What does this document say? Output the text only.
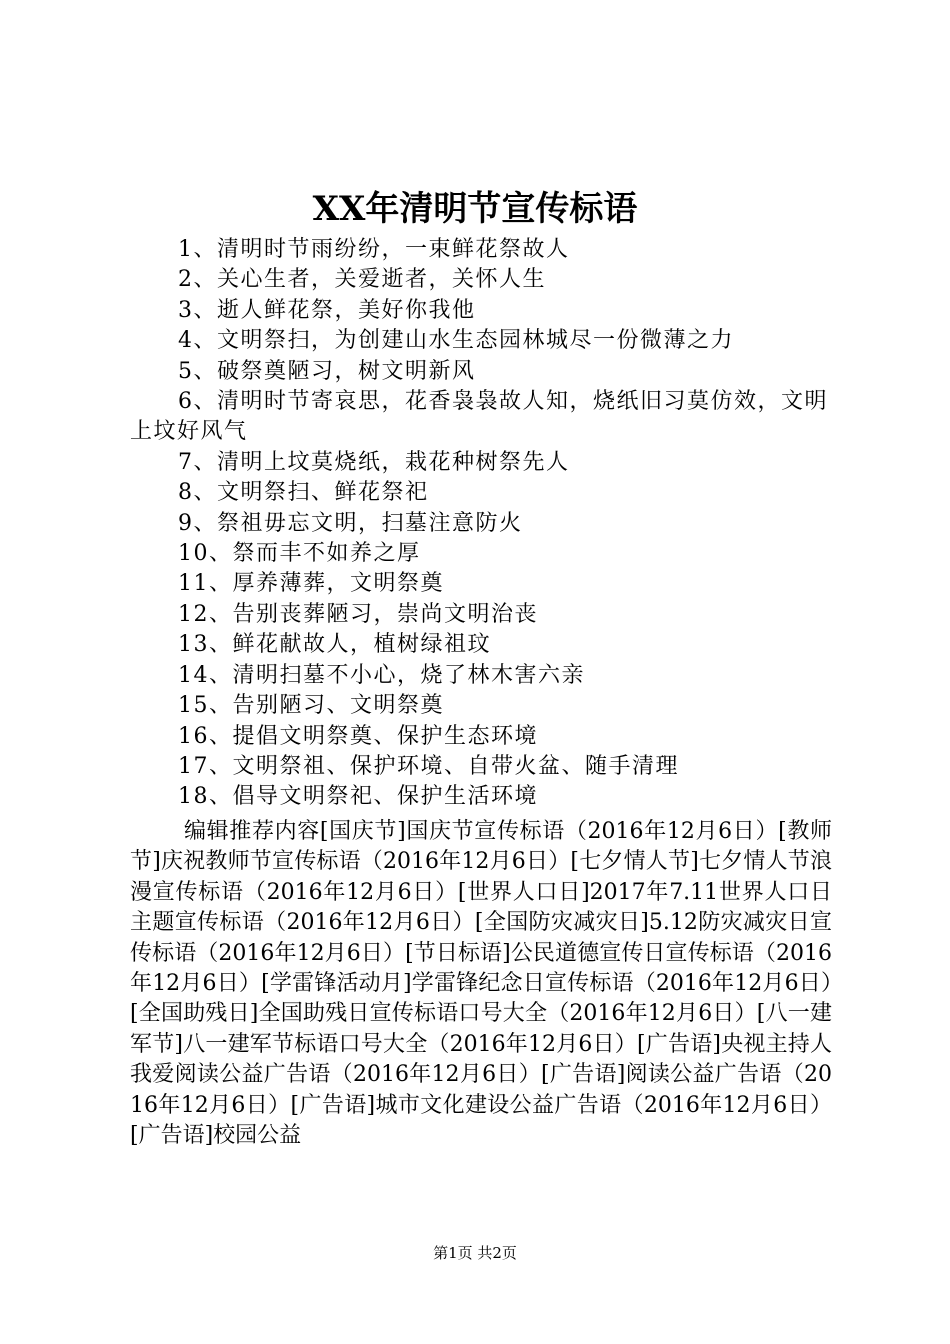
XX年清明节宣传标语
1、清明时节雨纷纷，一束鲜花祭故人
2、关心生者，关爱逝者，关怀人生
3、逝人鲜花祭，美好你我他
4、文明祭扫，为创建山水生态园林城尽一份微薄之力
5、破祭奠陋习，树文明新风
6、清明时节寄哀思，花香袅袅故人知，烧纸旧习莫仿效，文明上坟好风气
7、清明上坟莫烧纸，栽花种树祭先人
8、文明祭扫、鲜花祭祀
9、祭祖毋忘文明，扫墓注意防火
10、祭而丰不如养之厚
11、厚养薄葬，文明祭奠
12、告别丧葬陋习，崇尚文明治丧
13、鲜花献故人，植树绿祖玟
14、清明扫墓不小心，烧了林木害六亲
15、告别陋习、文明祭奠
16、提倡文明祭奠、保护生态环境
17、文明祭祖、保护环境、自带火盆、随手清理
18、倡导文明祭祀、保护生活环境

编辑推荐内容[国庆节]国庆节宣传标语（2016年12月6日）[教师节]庆祝教师节宣传标语（2016年12月6日）[七夕情人节]七夕情人节浪漫宣传标语（2016年12月6日）[世界人口日]2017年7.11世界人口日主题宣传标语（2016年12月6日）[全国防灾减灾日]5.12防灾减灾日宣传标语（2016年12月6日）[节日标语]公民道德宣传日宣传标语（2016年12月6日）[学雷锋活动月]学雷锋纪念日宣传标语（2016年12月6日）[全国助残日]全国助残日宣传标语口号大全（2016年12月6日）[八一建军节]八一建军节标语口号大全（2016年12月6日）[广告语]央视主持人我爱阅读公益广告语（2016年12月6日）[广告语]阅读公益广告语（2016年12月6日）[广告语]城市文化建设公益广告语（2016年12月6日）[广告语]校园公益

第1页 共2页
